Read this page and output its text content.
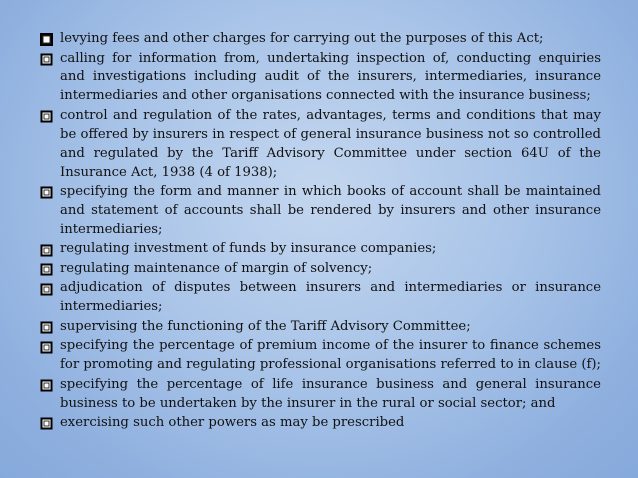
levying fees and other charges for carrying out the purposes of this Act;
calling for information from, undertaking inspection of, conducting enquiries and investigations including audit of the insurers, intermediaries, insurance intermediaries and other organisations connected with the insurance business;
control and regulation of the rates, advantages, terms and conditions that may be offered by insurers in respect of general insurance business not so controlled and regulated by the Tariff Advisory Committee under section 64U of the Insurance Act, 1938 (4 of 1938);
specifying the form and manner in which books of account shall be maintained and statement of accounts shall be rendered by insurers and other insurance intermediaries;
regulating investment of funds by insurance companies;
regulating maintenance of margin of solvency;
adjudication of disputes between insurers and intermediaries or insurance intermediaries;
supervising the functioning of the Tariff Advisory Committee;
specifying the percentage of premium income of the insurer to finance schemes for promoting and regulating professional organisations referred to in clause (f);
specifying the percentage of life insurance business and general insurance business to be undertaken by the insurer in the rural or social sector; and
exercising such other powers as may be prescribed
